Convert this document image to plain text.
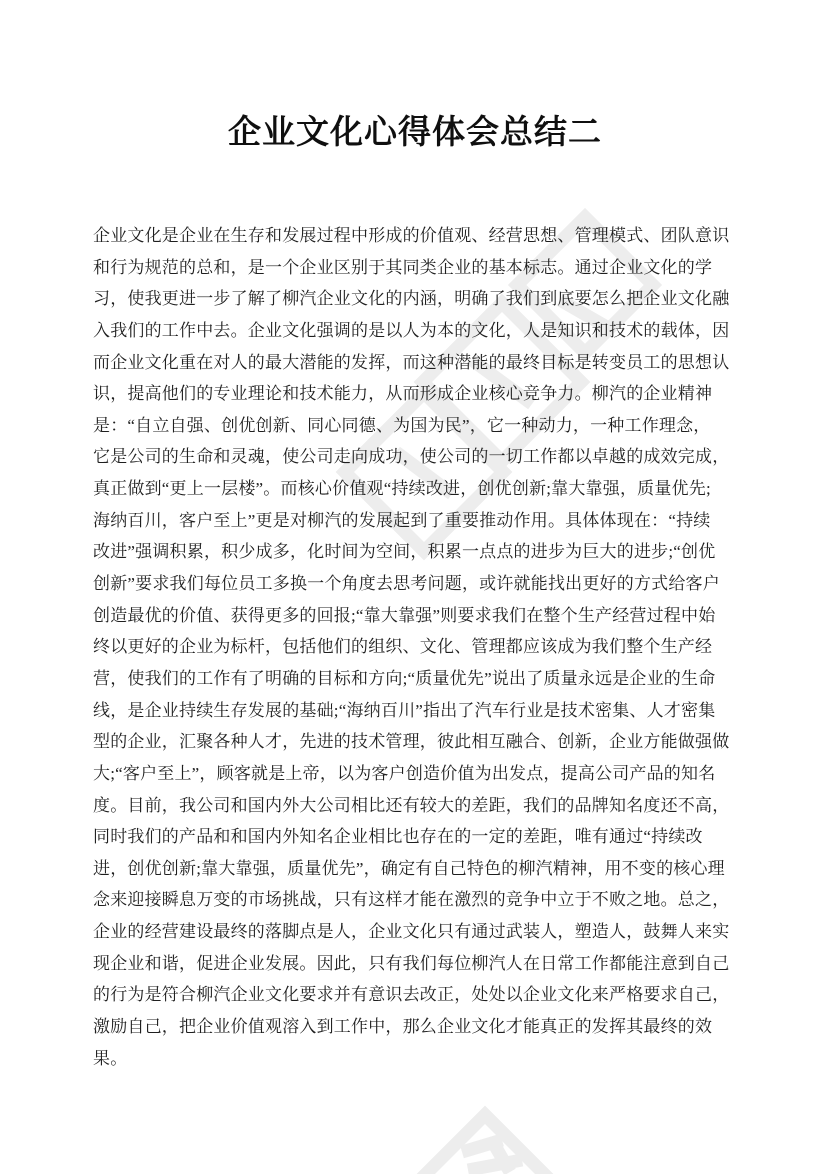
企业文化心得体会总结二

企业文化是企业在生存和发展过程中形成的价值观、经营思想、管理模式、团队意识

和行为规范的总和，是一个企业区别于其同类企业的基本标志。通过企业文化的学

习，使我更进一步了解了柳汽企业文化的内涵，明确了我们到底要怎么把企业文化融

入我们的工作中去。企业文化强调的是以人为本的文化，人是知识和技术的载体，因

而企业文化重在对人的最大潜能的发挥，而这种潜能的最终目标是转变员工的思想认

识，提高他们的专业理论和技术能力，从而形成企业核心竞争力。柳汽的企业精神

是：“自立自强、创优创新、同心同德、为国为民”，它一种动力，一种工作理念，

它是公司的生命和灵魂，使公司走向成功，使公司的一切工作都以卓越的成效完成，

真正做到“更上一层楼”。而核心价值观“持续改进，创优创新;靠大靠强，质量优先;

海纳百川，客户至上”更是对柳汽的发展起到了重要推动作用。具体体现在：“持续

改进”强调积累，积少成多，化时间为空间，积累一点点的进步为巨大的进步;“创优

创新”要求我们每位员工多换一个角度去思考问题，或许就能找出更好的方式给客户

创造最优的价值、获得更多的回报;“靠大靠强”则要求我们在整个生产经营过程中始

终以更好的企业为标杆，包括他们的组织、文化、管理都应该成为我们整个生产经

营，使我们的工作有了明确的目标和方向;“质量优先”说出了质量永远是企业的生命

线，是企业持续生存发展的基础;“海纳百川”指出了汽车行业是技术密集、人才密集

型的企业，汇聚各种人才，先进的技术管理，彼此相互融合、创新，企业方能做强做

大;“客户至上”，顾客就是上帝，以为客户创造价值为出发点，提高公司产品的知名

度。目前，我公司和国内外大公司相比还有较大的差距，我们的品牌知名度还不高，

同时我们的产品和和国内外知名企业相比也存在的一定的差距，唯有通过“持续改

进，创优创新;靠大靠强，质量优先”，确定有自己特色的柳汽精神，用不变的核心理

念来迎接瞬息万变的市场挑战，只有这样才能在激烈的竞争中立于不败之地。总之，

企业的经营建设最终的落脚点是人，企业文化只有通过武装人，塑造人，鼓舞人来实

现企业和谐，促进企业发展。因此，只有我们每位柳汽人在日常工作都能注意到自己

的行为是符合柳汽企业文化要求并有意识去改正，处处以企业文化来严格要求自己，

激励自己，把企业价值观溶入到工作中，那么企业文化才能真正的发挥其最终的效

果。
